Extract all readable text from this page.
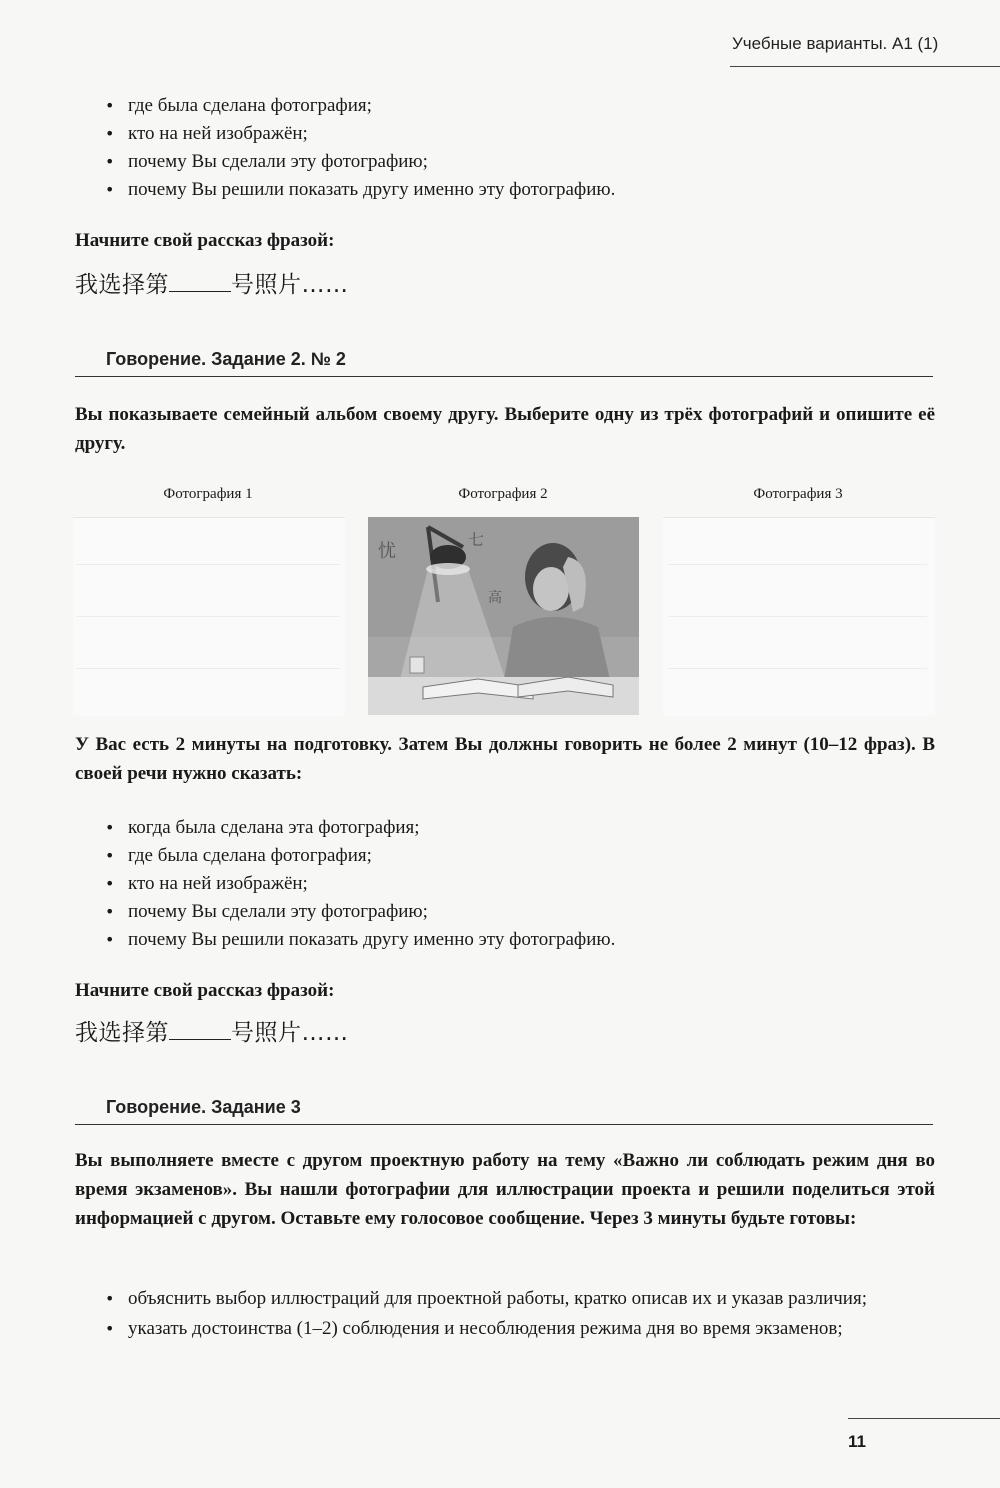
Учебные варианты. А1 (1)
• где была сделана фотография;
• кто на ней изображён;
• почему Вы сделали эту фотографию;
• почему Вы решили показать другу именно эту фотографию.
Начните свой рассказ фразой:
我选择第	号照片……
Говорение. Задание 2. № 2
Вы показываете семейный альбом своему другу. Выберите одну из трёх фотографий и опишите её другу.
Фотография 1	Фотография 2	Фотография 3
忧
七
高
У Вас есть 2 минуты на подготовку. Затем Вы должны говорить не более 2 минут (10–12 фраз). В своей речи нужно сказать:
• когда была сделана эта фотография;
• где была сделана фотография;
• кто на ней изображён;
• почему Вы сделали эту фотографию;
• почему Вы решили показать другу именно эту фотографию.
Начните свой рассказ фразой:
我选择第	号照片……
Говорение. Задание 3
Вы выполняете вместе с другом проектную работу на тему «Важно ли соблюдать режим дня во время экзаменов». Вы нашли фотографии для иллюстрации проекта и решили поделиться этой информацией с другом. Оставьте ему голосовое сообщение. Через 3 минуты будьте готовы:
• объяснить выбор иллюстраций для проектной работы, кратко описав их и указав различия;
• указать достоинства (1–2) соблюдения и несоблюдения режима дня во время экзаменов;
11
